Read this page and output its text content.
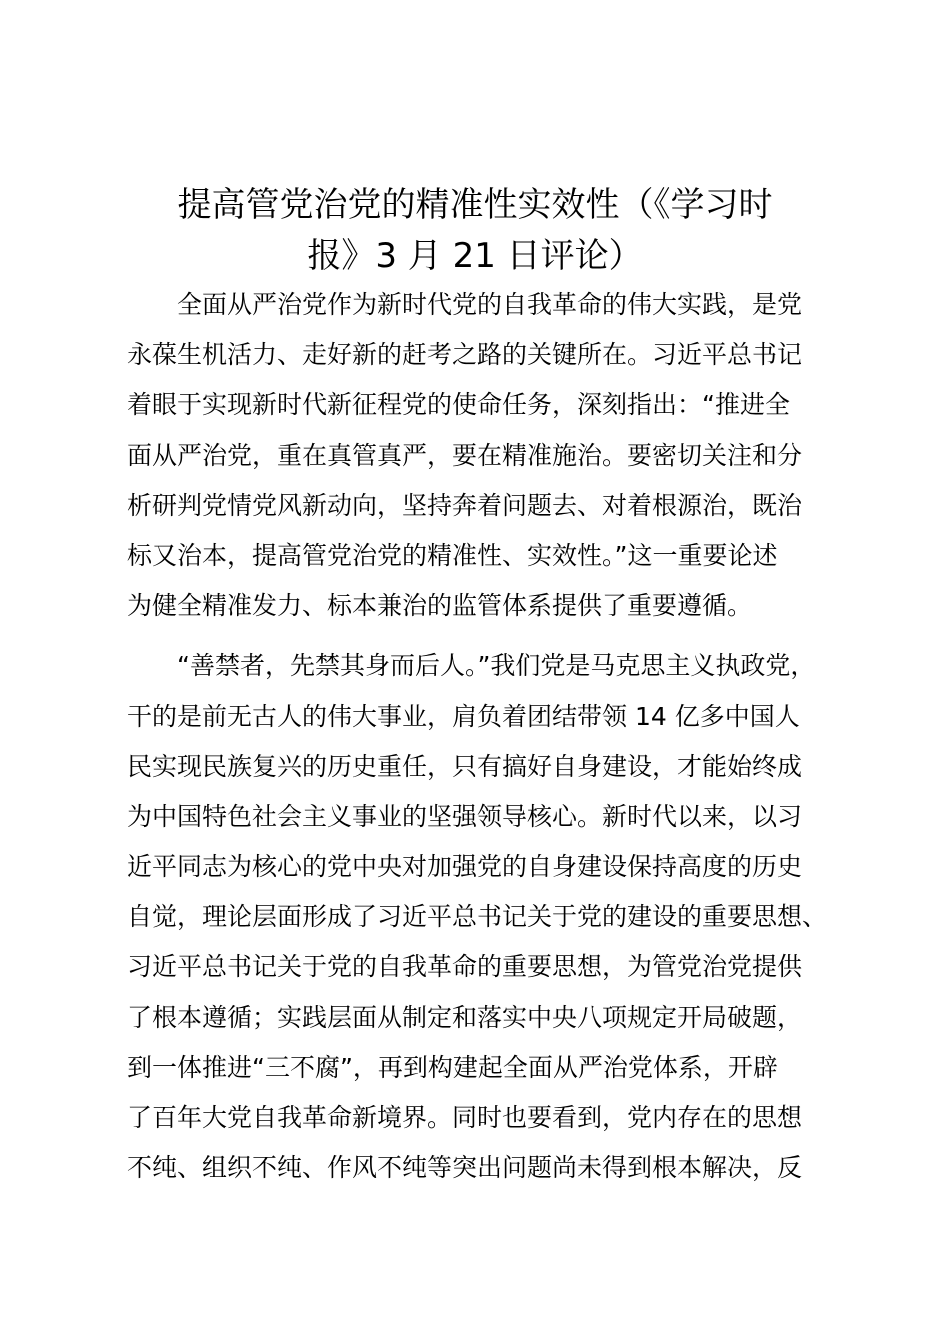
提高管党治党的精准性实效性（《学习时
报》3 月 21 日评论）
　　全面从严治党作为新时代党的自我革命的伟大实践，是党
永葆生机活力、走好新的赶考之路的关键所在。习近平总书记
着眼于实现新时代新征程党的使命任务，深刻指出：“推进全
面从严治党，重在真管真严，要在精准施治。要密切关注和分
析研判党情党风新动向，坚持奔着问题去、对着根源治，既治
标又治本，提高管党治党的精准性、实效性。”这一重要论述
为健全精准发力、标本兼治的监管体系提供了重要遵循。
　　“善禁者，先禁其身而后人。”我们党是马克思主义执政党，
干的是前无古人的伟大事业，肩负着团结带领 14 亿多中国人
民实现民族复兴的历史重任，只有搞好自身建设，才能始终成
为中国特色社会主义事业的坚强领导核心。新时代以来，以习
近平同志为核心的党中央对加强党的自身建设保持高度的历史
自觉，理论层面形成了习近平总书记关于党的建设的重要思想、
习近平总书记关于党的自我革命的重要思想，为管党治党提供
了根本遵循；实践层面从制定和落实中央八项规定开局破题，
到一体推进“三不腐”，再到构建起全面从严治党体系，开辟
了百年大党自我革命新境界。同时也要看到，党内存在的思想
不纯、组织不纯、作风不纯等突出问题尚未得到根本解决，反
